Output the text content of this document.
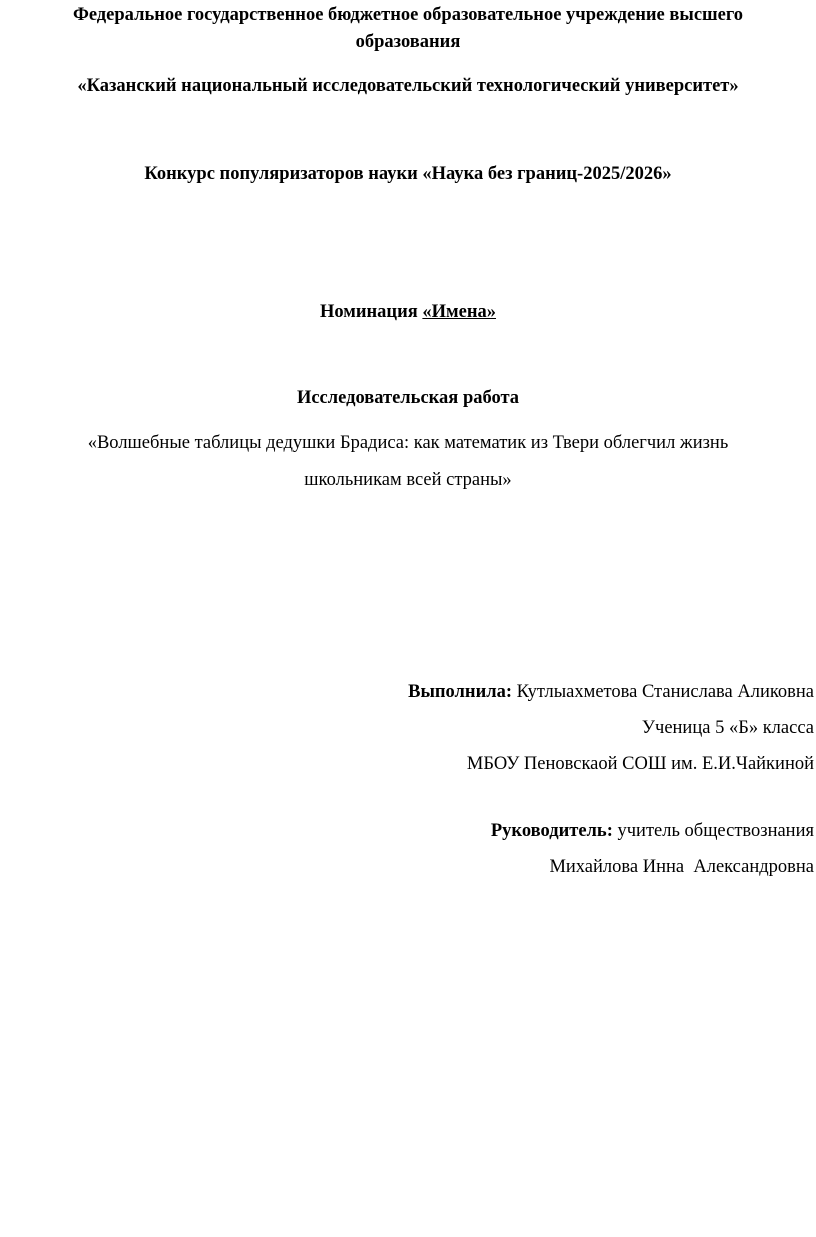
Федеральное государственное бюджетное образовательное учреждение высшего
образования
«Казанский национальный исследовательский технологический университет»
Конкурс популяризаторов науки «Наука без границ-2025/2026»
Номинация «Имена»
Исследовательская работа
«Волшебные таблицы дедушки Брадиса: как математик из Твери облегчил жизнь
школьникам всей страны»
Выполнила: Кутлыахметова Станислава Аликовна
Ученица 5 «Б» класса
МБОУ Пеновскаой СОШ им. Е.И.Чайкиной
Руководитель: учитель обществознания
Михайлова Инна  Александровна
